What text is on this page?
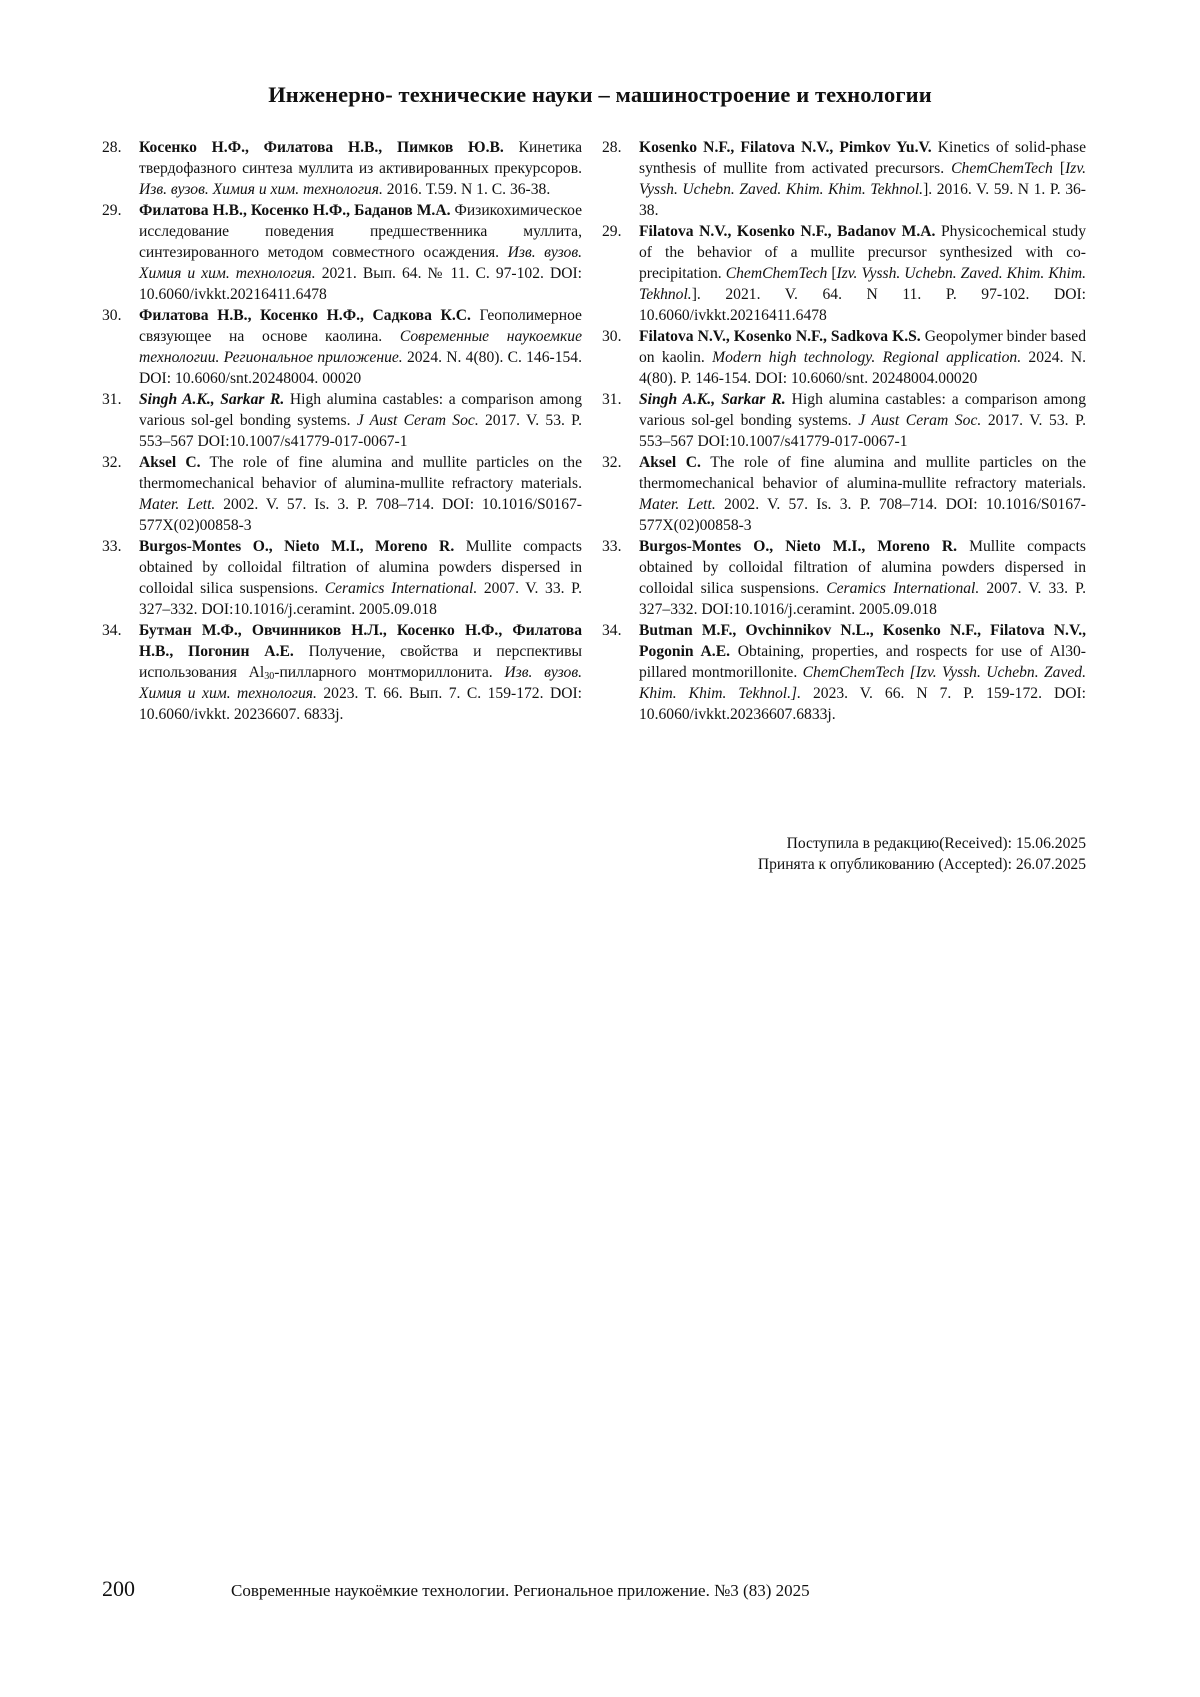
Инженерно- технические науки – машиностроение и технологии
28.	Косенко Н.Ф., Филатова Н.В., Пимков Ю.В. Кинетика твердофазного синтеза муллита из активированных прекурсоров. Изв. вузов. Химия и хим. технология. 2016. Т.59. N 1. С. 36-38.
29.	Филатова Н.В., Косенко Н.Ф., Баданов М.А. Физикохимическое исследование поведения предшественника муллита, синтезированного методом совместного осаждения. Изв. вузов. Химия и хим. технология. 2021. Вып. 64. № 11. С. 97-102. DOI: 10.6060/ivkkt.20216411.6478
30.	Филатова Н.В., Косенко Н.Ф., Садкова К.С. Геополимерное связующее на основе каолина. Современные наукоемкие технологии. Региональное приложение. 2024. N. 4(80). С. 146-154. DOI: 10.6060/snt.20248004. 00020
31.	Singh A.K., Sarkar R. High alumina castables: a comparison among various sol-gel bonding systems. J Aust Ceram Soc. 2017. V. 53. P. 553–567 DOI:10.1007/s41779-017-0067-1
32.	Aksel C. The role of fine alumina and mullite particles on the thermomechanical behavior of alumina-mullite refractory materials. Mater. Lett. 2002. V. 57. Is. 3. P. 708–714. DOI: 10.1016/S0167-577X(02)00858-3
33.	Burgos-Montes O., Nieto M.I., Moreno R. Mullite compacts obtained by colloidal filtration of alumina powders dispersed in colloidal silica suspensions. Ceramics International. 2007. V. 33. P. 327–332. DOI:10.1016/j.ceramint. 2005.09.018
34.	Бутман М.Ф., Овчинников Н.Л., Косенко Н.Ф., Филатова Н.В., Погонин А.Е. Получение, свойства и перспективы использования $Al_{30}$-пилларного монтмориллонита. Изв. вузов. Химия и хим. технология. 2023. Т. 66. Вып. 7. С. 159-172. DOI: 10.6060/ivkkt. 20236607. 6833j.
28.	Kosenko N.F., Filatova N.V., Pimkov Yu.V. Kinetics of solid-phase synthesis of mullite from activated precursors. ChemChemTech [Izv. Vyssh. Uchebn. Zaved. Khim. Khim. Tekhnol.]. 2016. V. 59. N 1. P. 36-38.
29.	Filatova N.V., Kosenko N.F., Badanov M.A. Physicochemical study of the behavior of a mullite precursor synthesized with co-precipitation. ChemChemTech [Izv. Vyssh. Uchebn. Zaved. Khim. Khim. Tekhnol.]. 2021. V. 64. N 11. P. 97-102. DOI: 10.6060/ivkkt.20216411.6478
30.	Filatova N.V., Kosenko N.F., Sadkova K.S. Geopolymer binder based on kaolin. Modern high technology. Regional application. 2024. N. 4(80). P. 146-154. DOI: 10.6060/snt. 20248004.00020
31.	Singh A.K., Sarkar R. High alumina castables: a comparison among various sol-gel bonding systems. J Aust Ceram Soc. 2017. V. 53. P. 553–567 DOI:10.1007/s41779-017-0067-1
32.	Aksel C. The role of fine alumina and mullite particles on the thermomechanical behavior of alumina-mullite refractory materials. Mater. Lett. 2002. V. 57. Is. 3. P. 708–714. DOI: 10.1016/S0167-577X(02)00858-3
33.	Burgos-Montes O., Nieto M.I., Moreno R. Mullite compacts obtained by colloidal filtration of alumina powders dispersed in colloidal silica suspensions. Ceramics International. 2007. V. 33. P. 327–332. DOI:10.1016/j.ceramint. 2005.09.018
34.	Butman M.F., Ovchinnikov N.L., Kosenko N.F., Filatova N.V., Pogonin A.E. Obtaining, properties, and rospects for use of Al30-pillared montmorillonite. ChemChemTech [Izv. Vyssh. Uchebn. Zaved. Khim. Khim. Tekhnol.]. 2023. V. 66. N 7. P. 159-172. DOI: 10.6060/ivkkt.20236607.6833j.
Поступила в редакцию(Received): 15.06.2025
Принята к опубликованию (Accepted): 26.07.2025
200	Современные наукоёмкие технологии. Региональное приложение. №3 (83) 2025
